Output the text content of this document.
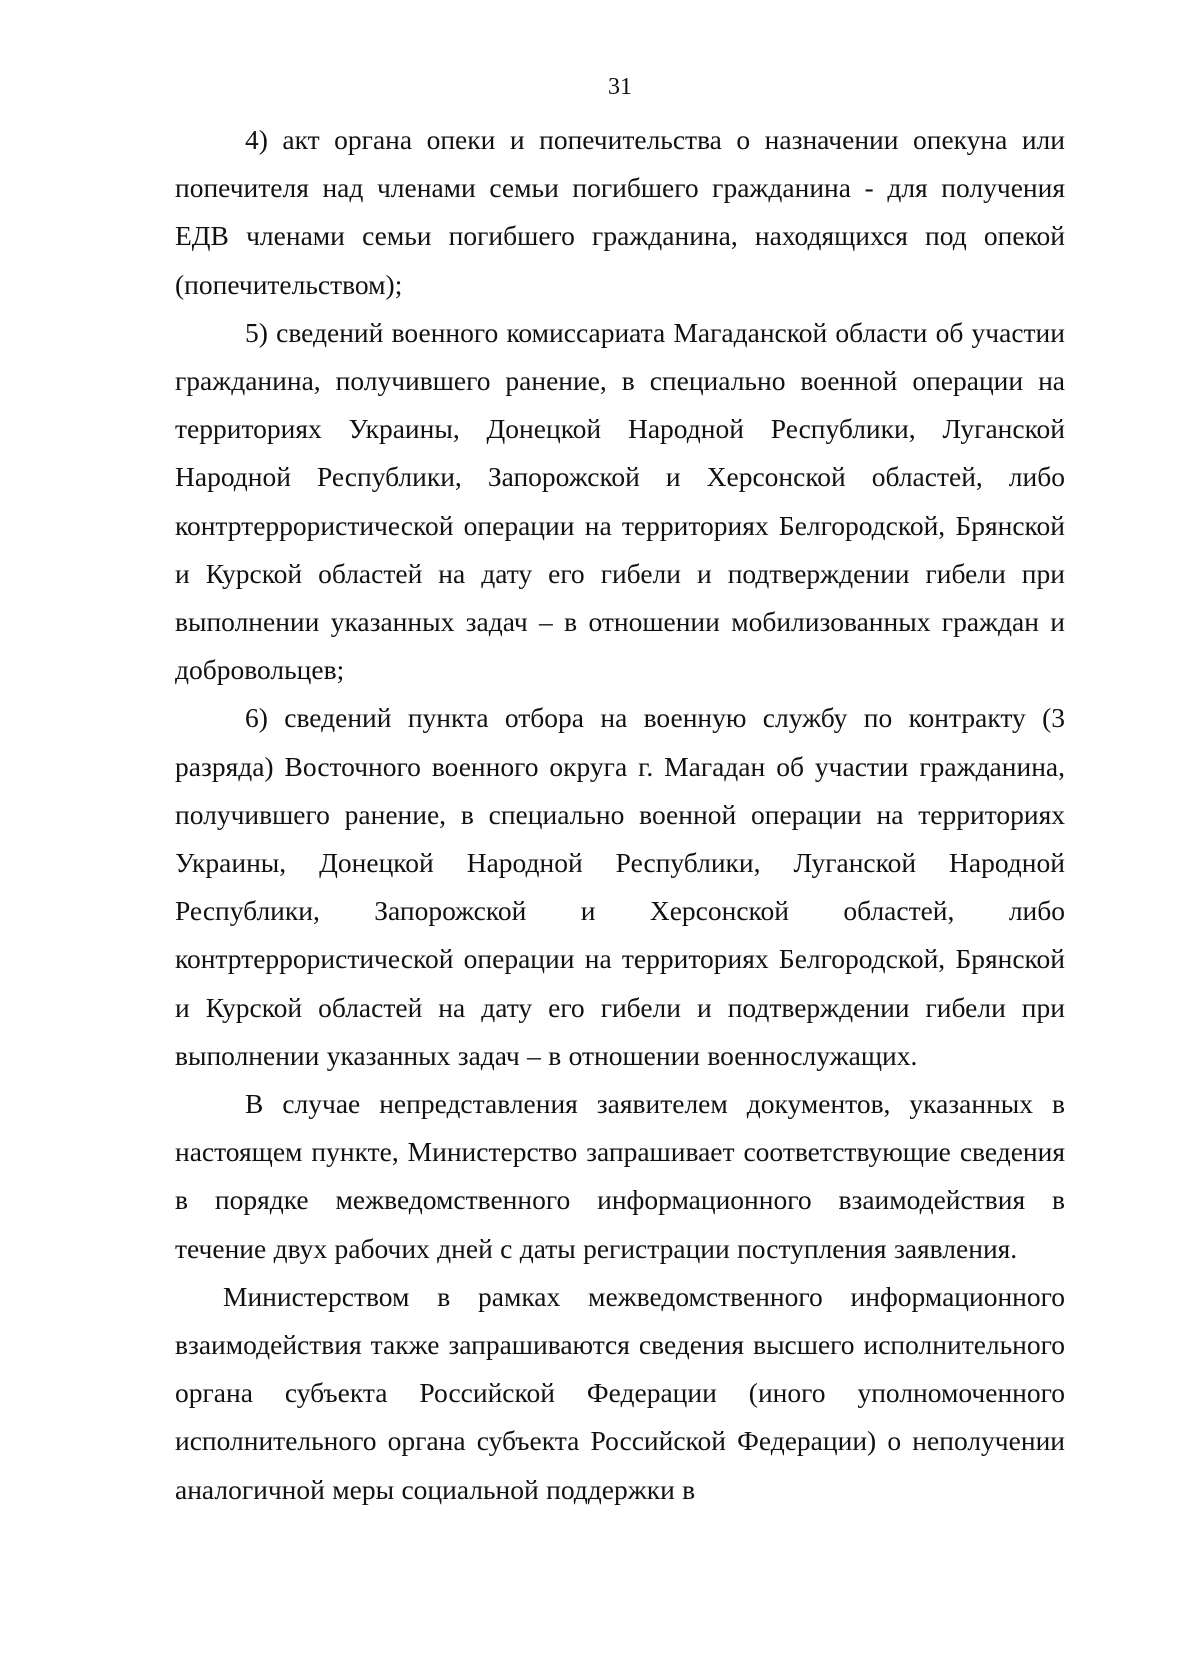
31

4) акт органа опеки и попечительства о назначении опекуна или попечителя над членами семьи погибшего гражданина - для получения ЕДВ членами семьи погибшего гражданина, находящихся под опекой (попечительством);

5) сведений военного комиссариата Магаданской области об участии гражданина, получившего ранение, в специально военной операции на территориях Украины, Донецкой Народной Республики, Луганской Народной Республики, Запорожской и Херсонской областей, либо контртеррористической операции на территориях Белгородской, Брянской и Курской областей на дату его гибели и подтверждении гибели при выполнении указанных задач – в отношении мобилизованных граждан и добровольцев;

6) сведений пункта отбора на военную службу по контракту (3 разряда) Восточного военного округа г. Магадан об участии гражданина, получившего ранение, в специально военной операции на территориях Украины, Донецкой Народной Республики, Луганской Народной Республики, Запорожской и Херсонской областей, либо контртеррористической операции на территориях Белгородской, Брянской и Курской областей на дату его гибели и подтверждении гибели при выполнении указанных задач – в отношении военнослужащих.

В случае непредставления заявителем документов, указанных в настоящем пункте, Министерство запрашивает соответствующие сведения в порядке межведомственного информационного взаимодействия в течение двух рабочих дней с даты регистрации поступления заявления.

Министерством в рамках межведомственного информационного взаимодействия также запрашиваются сведения высшего исполнительного органа субъекта Российской Федерации (иного уполномоченного исполнительного органа субъекта Российской Федерации) о неполучении аналогичной меры социальной поддержки в
